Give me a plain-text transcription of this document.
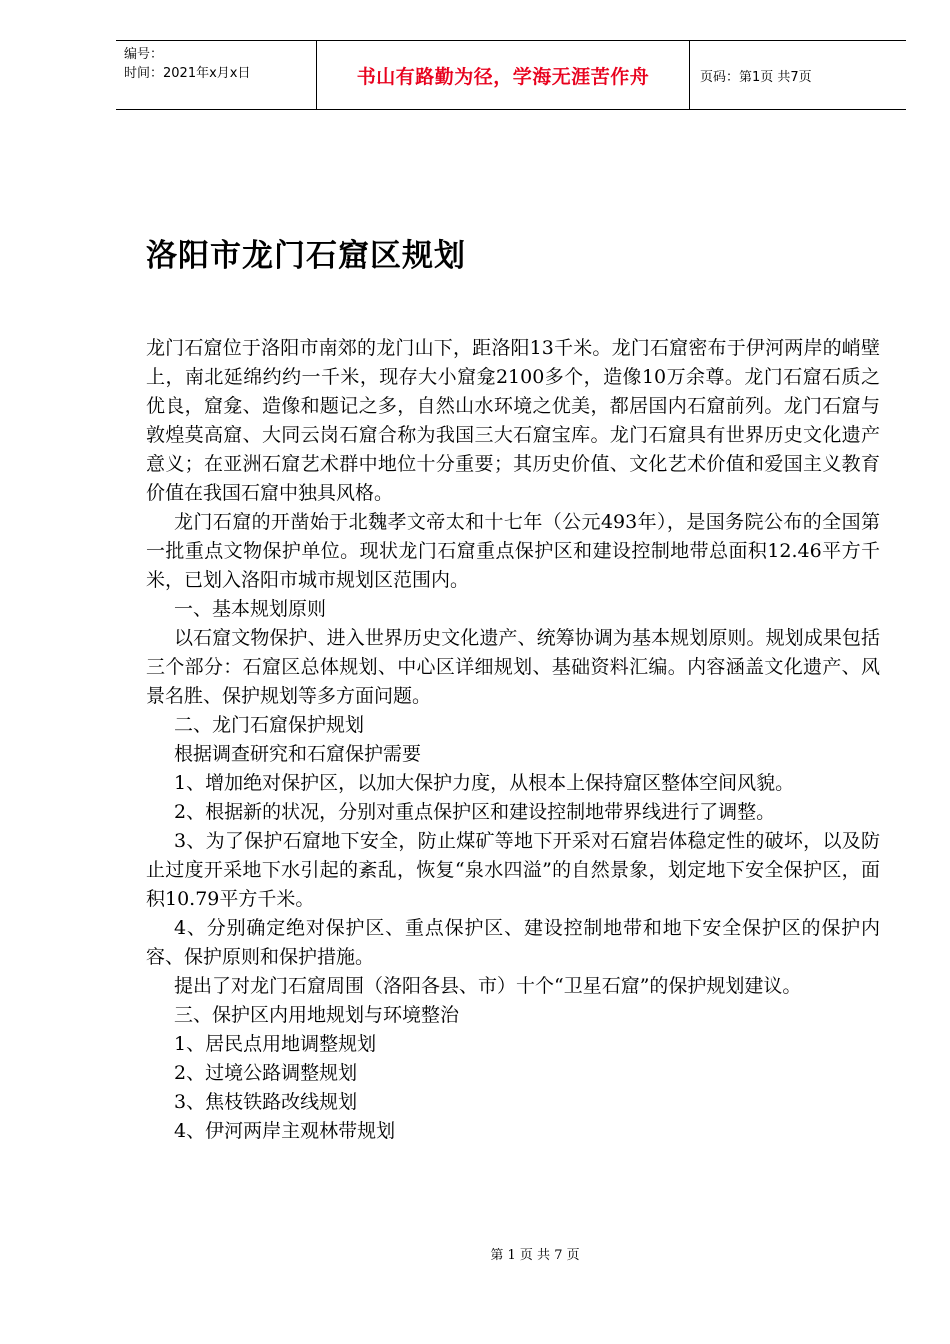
编号：
时间：2021年x月x日	书山有路勤为径，学海无涯苦作舟	页码：第1页 共7页
洛阳市龙门石窟区规划

龙门石窟位于洛阳市南郊的龙门山下，距洛阳13千米。龙门石窟密布于伊河两岸的峭壁上，南北延绵约约一千米，现存大小窟龛2100多个，造像10万余尊。龙门石窟石质之优良，窟龛、造像和题记之多，自然山水环境之优美，都居国内石窟前列。龙门石窟与敦煌莫高窟、大同云岗石窟合称为我国三大石窟宝库。龙门石窟具有世界历史文化遗产意义；在亚洲石窟艺术群中地位十分重要；其历史价值、文化艺术价值和爱国主义教育价值在我国石窟中独具风格。

龙门石窟的开凿始于北魏孝文帝太和十七年（公元493年），是国务院公布的全国第一批重点文物保护单位。现状龙门石窟重点保护区和建设控制地带总面积12.46平方千米，已划入洛阳市城市规划区范围内。

一、基本规划原则

以石窟文物保护、进入世界历史文化遗产、统筹协调为基本规划原则。规划成果包括三个部分：石窟区总体规划、中心区详细规划、基础资料汇编。内容涵盖文化遗产、风景名胜、保护规划等多方面问题。

二、龙门石窟保护规划

根据调查研究和石窟保护需要

1、增加绝对保护区，以加大保护力度，从根本上保持窟区整体空间风貌。

2、根据新的状况，分别对重点保护区和建设控制地带界线进行了调整。

3、为了保护石窟地下安全，防止煤矿等地下开采对石窟岩体稳定性的破坏，以及防止过度开采地下水引起的紊乱，恢复“泉水四溢”的自然景象，划定地下安全保护区，面积10.79平方千米。

4、分别确定绝对保护区、重点保护区、建设控制地带和地下安全保护区的保护内容、保护原则和保护措施。

提出了对龙门石窟周围（洛阳各县、市）十个“卫星石窟”的保护规划建议。

三、保护区内用地规划与环境整治

1、居民点用地调整规划

2、过境公路调整规划

3、焦枝铁路改线规划

4、伊河两岸主观林带规划

第 1 页 共 7 页
